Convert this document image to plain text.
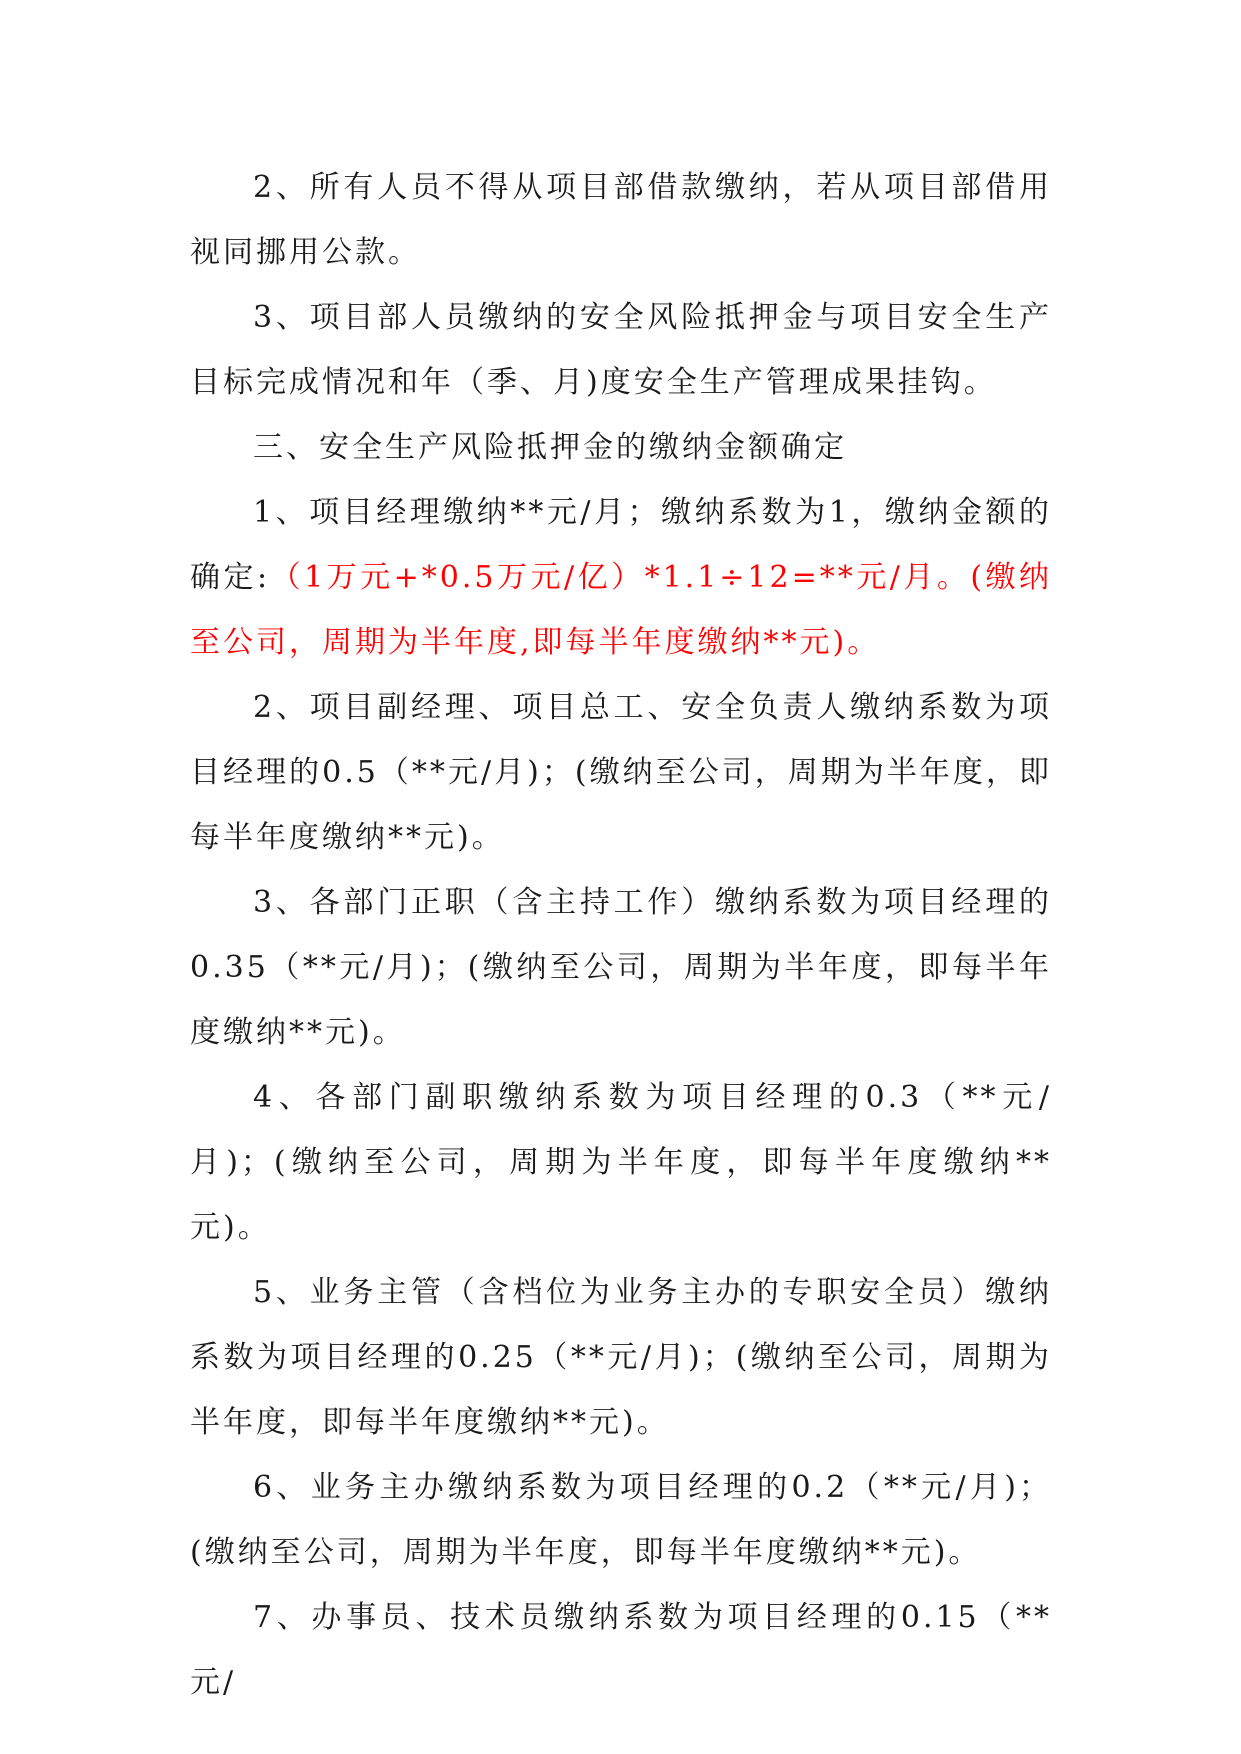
2、所有人员不得从项目部借款缴纳，若从项目部借用视同挪用公款。

3、项目部人员缴纳的安全风险抵押金与项目安全生产目标完成情况和年（季、月)度安全生产管理成果挂钩。

三、安全生产风险抵押金的缴纳金额确定

1、项目经理缴纳**元/月；缴纳系数为1，缴纳金额的确定:（1万元+*0.5万元/亿）*1.1÷12=**元/月。(缴纳至公司，周期为半年度,即每半年度缴纳**元)。

2、项目副经理、项目总工、安全负责人缴纳系数为项目经理的0.5（**元/月)；(缴纳至公司，周期为半年度，即每半年度缴纳**元)。

3、各部门正职（含主持工作）缴纳系数为项目经理的0.35（**元/月)；(缴纳至公司，周期为半年度，即每半年度缴纳**元)。

4、各部门副职缴纳系数为项目经理的0.3（**元/月)；(缴纳至公司，周期为半年度，即每半年度缴纳**元)。

5、业务主管（含档位为业务主办的专职安全员）缴纳系数为项目经理的0.25（**元/月)；(缴纳至公司，周期为半年度，即每半年度缴纳**元)。

6、业务主办缴纳系数为项目经理的0.2（**元/月)；(缴纳至公司，周期为半年度，即每半年度缴纳**元)。

7、办事员、技术员缴纳系数为项目经理的0.15（**元/
